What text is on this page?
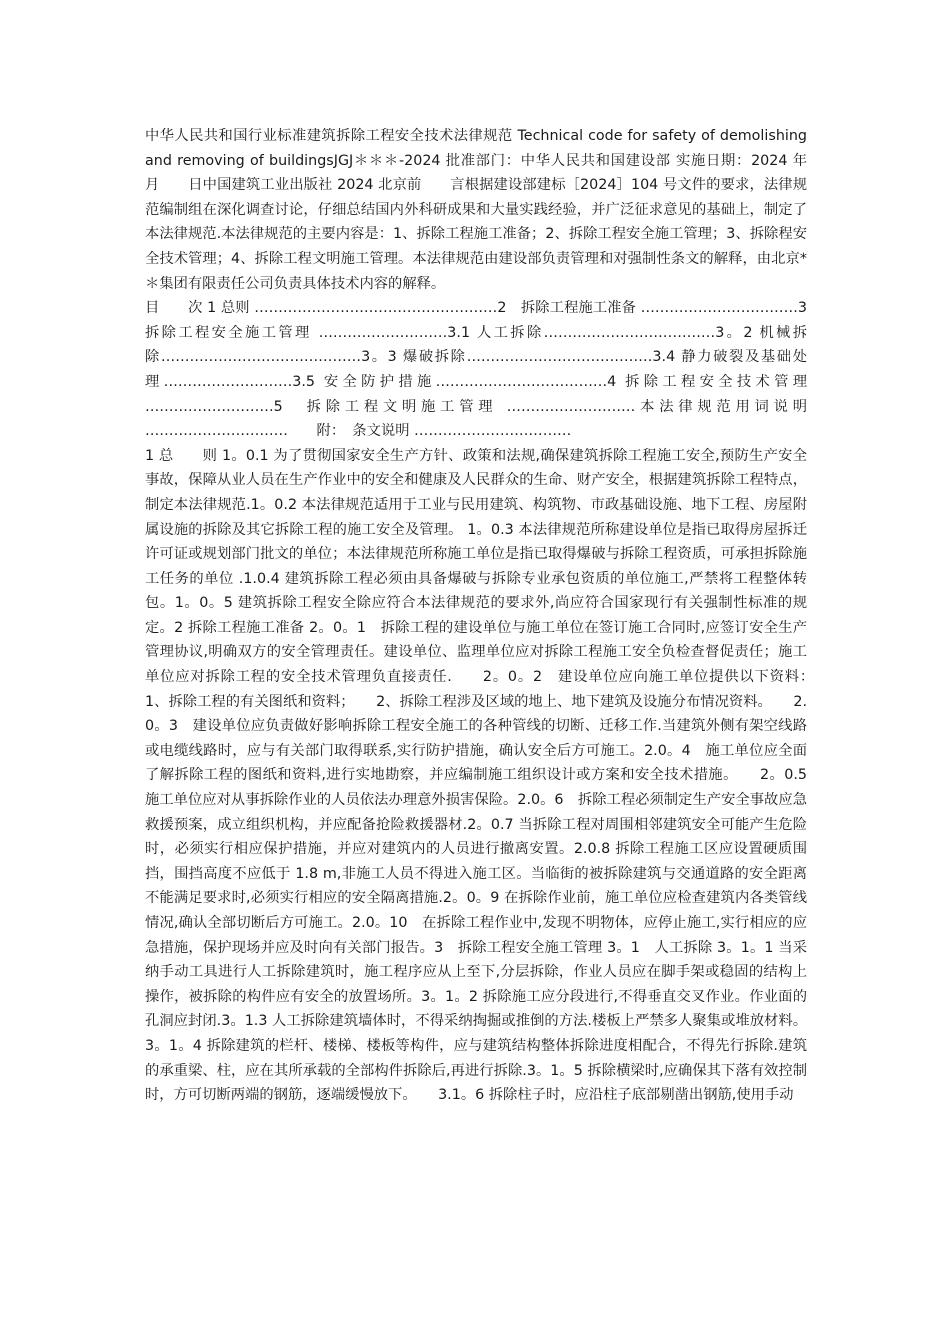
中华人民共和国行业标准建筑拆除工程安全技术法律规范 Technical code for safety of demolishing and removing of buildingsJGJ＊＊＊-2024 批准部门：中华人民共和国建设部 实施日期：2024 年　　月　　日中国建筑工业出版社 2024 北京前　　言根据建设部建标［2024］104 号文件的要求，法律规范编制组在深化调查讨论，仔细总结国内外科研成果和大量实践经验，并广泛征求意见的基础上，制定了本法律规范.本法律规范的主要内容是：1、拆除工程施工准备；2、拆除工程安全施工管理；3、拆除程安全技术管理；4、拆除工程文明施工管理。本法律规范由建设部负责管理和对强制性条文的解释，由北京*＊集团有限责任公司负责具体技术内容的解释。

目　　次 1 总则 ……………………………………………2　拆除工程施工准备 ……………………………3 拆除工程安全施工管理 ………………………3.1 人工拆除………………………………3。2 机械拆除……………………………………3。3 爆破拆除…………………………………3.4 静力破裂及基础处理………………………3.5 安全防护措施………………………………4 拆除工程安全技术管理 ………………………5　拆除工程文明施工管理 ………………………本法律规范用词说明 …………………………　　附：　条文说明 ……………………………

1 总　　则 1。0.1 为了贯彻国家安全生产方针、政策和法规,确保建筑拆除工程施工安全,预防生产安全事故，保障从业人员在生产作业中的安全和健康及人民群众的生命、财产安全，根据建筑拆除工程特点，制定本法律规范.1。0.2 本法律规范适用于工业与民用建筑、构筑物、市政基础设施、地下工程、房屋附属设施的拆除及其它拆除工程的施工安全及管理。 1。0.3 本法律规范所称建设单位是指已取得房屋拆迁许可证或规划部门批文的单位；本法律规范所称施工单位是指已取得爆破与拆除工程资质，可承担拆除施工任务的单位 .1.0.4 建筑拆除工程必须由具备爆破与拆除专业承包资质的单位施工,严禁将工程整体转包。1。0。5 建筑拆除工程安全除应符合本法律规范的要求外,尚应符合国家现行有关强制性标准的规定。2 拆除工程施工准备 2。0。1　拆除工程的建设单位与施工单位在签订施工合同时,应签订安全生产管理协议,明确双方的安全管理责任。建设单位、监理单位应对拆除工程施工安全负检查督促责任；施工单位应对拆除工程的安全技术管理负直接责任.　　2。0。2　建设单位应向施工单位提供以下资料：　1、拆除工程的有关图纸和资料；　　2、拆除工程涉及区域的地上、地下建筑及设施分布情况资料。　　2.0。3　建设单位应负责做好影响拆除工程安全施工的各种管线的切断、迁移工作.当建筑外侧有架空线路或电缆线路时，应与有关部门取得联系,实行防护措施，确认安全后方可施工。2.0。4　施工单位应全面了解拆除工程的图纸和资料,进行实地勘察，并应编制施工组织设计或方案和安全技术措施。　　2。0.5 施工单位应对从事拆除作业的人员依法办理意外损害保险。2.0。6　拆除工程必须制定生产安全事故应急救援预案，成立组织机构，并应配备抢险救援器材.2。0.7 当拆除工程对周围相邻建筑安全可能产生危险时，必须实行相应保护措施，并应对建筑内的人员进行撤离安置。2.0.8 拆除工程施工区应设置硬质围挡，围挡高度不应低于 1.8 m,非施工人员不得进入施工区。当临街的被拆除建筑与交通道路的安全距离不能满足要求时,必须实行相应的安全隔离措施.2。0。9 在拆除作业前，施工单位应检查建筑内各类管线情况,确认全部切断后方可施工。2.0。10　在拆除工程作业中,发现不明物体，应停止施工,实行相应的应急措施，保护现场并应及时向有关部门报告。3　拆除工程安全施工管理 3。1　人工拆除 3。1。1 当采纳手动工具进行人工拆除建筑时，施工程序应从上至下,分层拆除，作业人员应在脚手架或稳固的结构上操作，被拆除的构件应有安全的放置场所。3。1。2 拆除施工应分段进行,不得垂直交叉作业。作业面的孔洞应封闭.3。1.3 人工拆除建筑墙体时，不得采纳掏掘或推倒的方法.楼板上严禁多人聚集或堆放材料。3。1。4 拆除建筑的栏杆、楼梯、楼板等构件，应与建筑结构整体拆除进度相配合，不得先行拆除.建筑的承重梁、柱，应在其所承载的全部构件拆除后,再进行拆除.3。1。5 拆除横梁时,应确保其下落有效控制时，方可切断两端的钢筋，逐端缓慢放下。　　3.1。6 拆除柱子时，应沿柱子底部剔凿出钢筋,使用手动
